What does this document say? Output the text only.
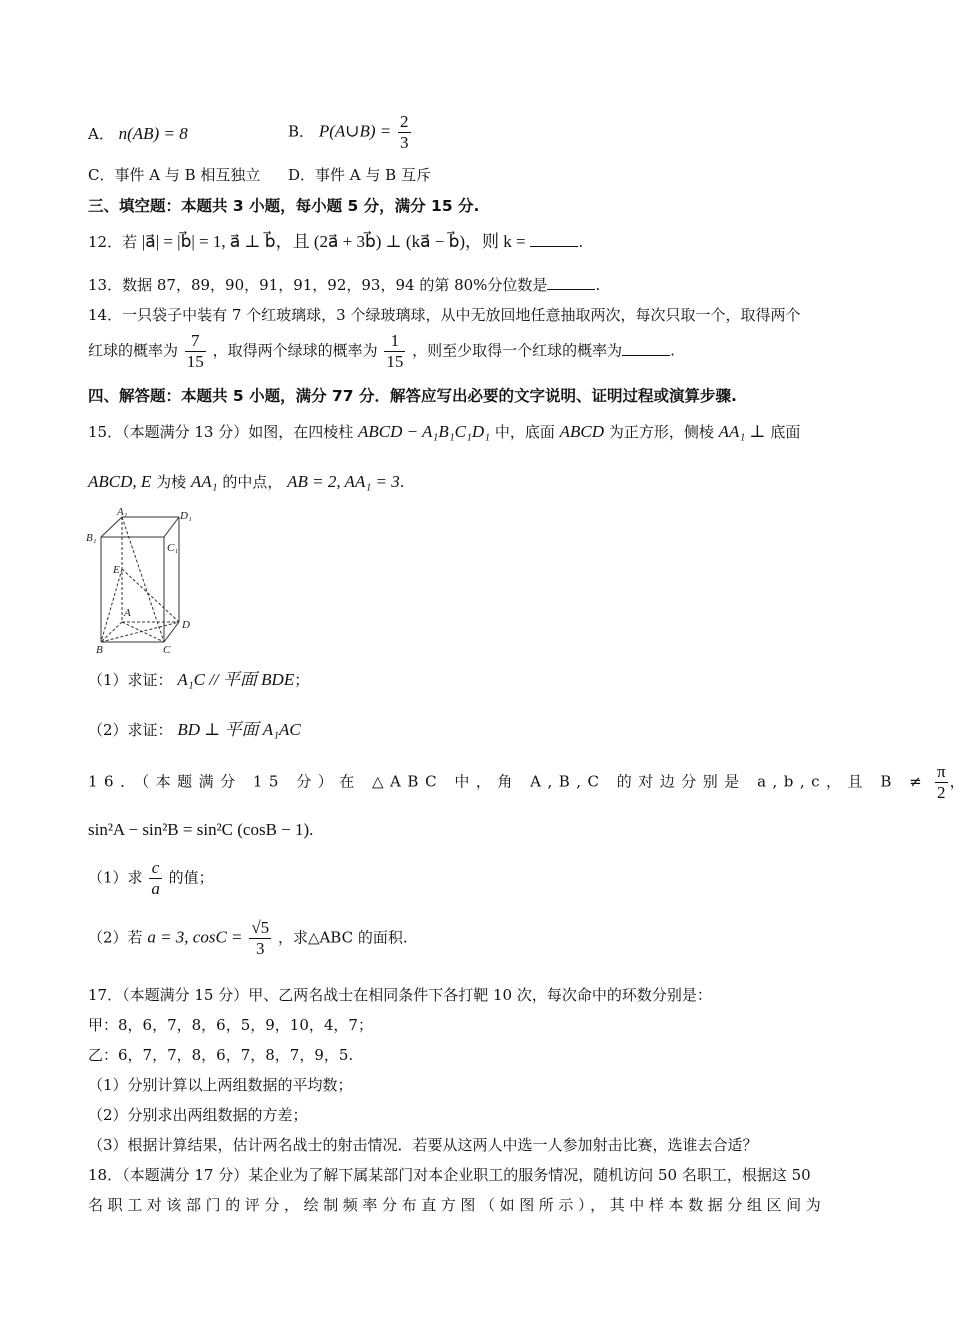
A． n(AB) = 8	B． P(A∪B) = $\frac{2}{3}$
C．事件 A 与 B 相互独立 D．事件 A 与 B 互斥
三、填空题：本题共 3 小题，每小题 5 分，满分 15 分.
12．若 |a⃗| = |b⃗| = 1, a⃗ ⊥ b⃗，且 (2a⃗ + 3b⃗) ⊥ (ka⃗ − b⃗)，则 k =	.
13．数据 87，89，90，91，91，92，93，94 的第 80%分位数是	.
14．一只袋子中装有 7 个红玻璃球，3 个绿玻璃球，从中无放回地任意抽取两次，每次只取一个，取得两个
红球的概率为 $\frac{7}{15}$ ，取得两个绿球的概率为 $\frac{1}{15}$ ，则至少取得一个红球的概率为	.
四、解答题：本题共 5 小题，满分 77 分．解答应写出必要的文字说明、证明过程或演算步骤.
15．（本题满分 13 分）如图，在四棱柱 ABCD − A₁B₁C₁D₁ 中，底面 ABCD 为正方形，侧棱 AA₁ ⊥ 底面
ABCD, E 为棱 AA₁ 的中点， AB = 2, AA₁ = 3.
A₁	D₁
B₁
C₁
E
A
D
B	C
（1）求证： A₁C // 平面 BDE；
（2）求证： BD ⊥ 平面 A₁AC
16．（本题满分 15 分）在 △ABC 中，角 A,B,C 的对边分别是 a,b,c，且 $B \ne \frac{\pi}{2}$ ，
sin²A − sin²B = sin²C (cosB − 1).
（1）求 $\frac{c}{a}$ 的值；
（2）若 a = 3, $\cos C = \frac{√5}{3}$ ，求△ABC 的面积.
17．（本题满分 15 分）甲、乙两名战士在相同条件下各打靶 10 次，每次命中的环数分别是：
甲：8，6，7，8，6，5，9，10，4，7；
乙：6，7，7，8，6，7，8，7，9，5.
（1）分别计算以上两组数据的平均数；
（2）分别求出两组数据的方差；
（3）根据计算结果，估计两名战士的射击情况．若要从这两人中选一人参加射击比赛，选谁去合适？
18．（本题满分 17 分）某企业为了解下属某部门对本企业职工的服务情况，随机访问 50 名职工，根据这 50
名职工对该部门的评分，绘制频率分布直方图（如图所示），其中样本数据分组区间为
